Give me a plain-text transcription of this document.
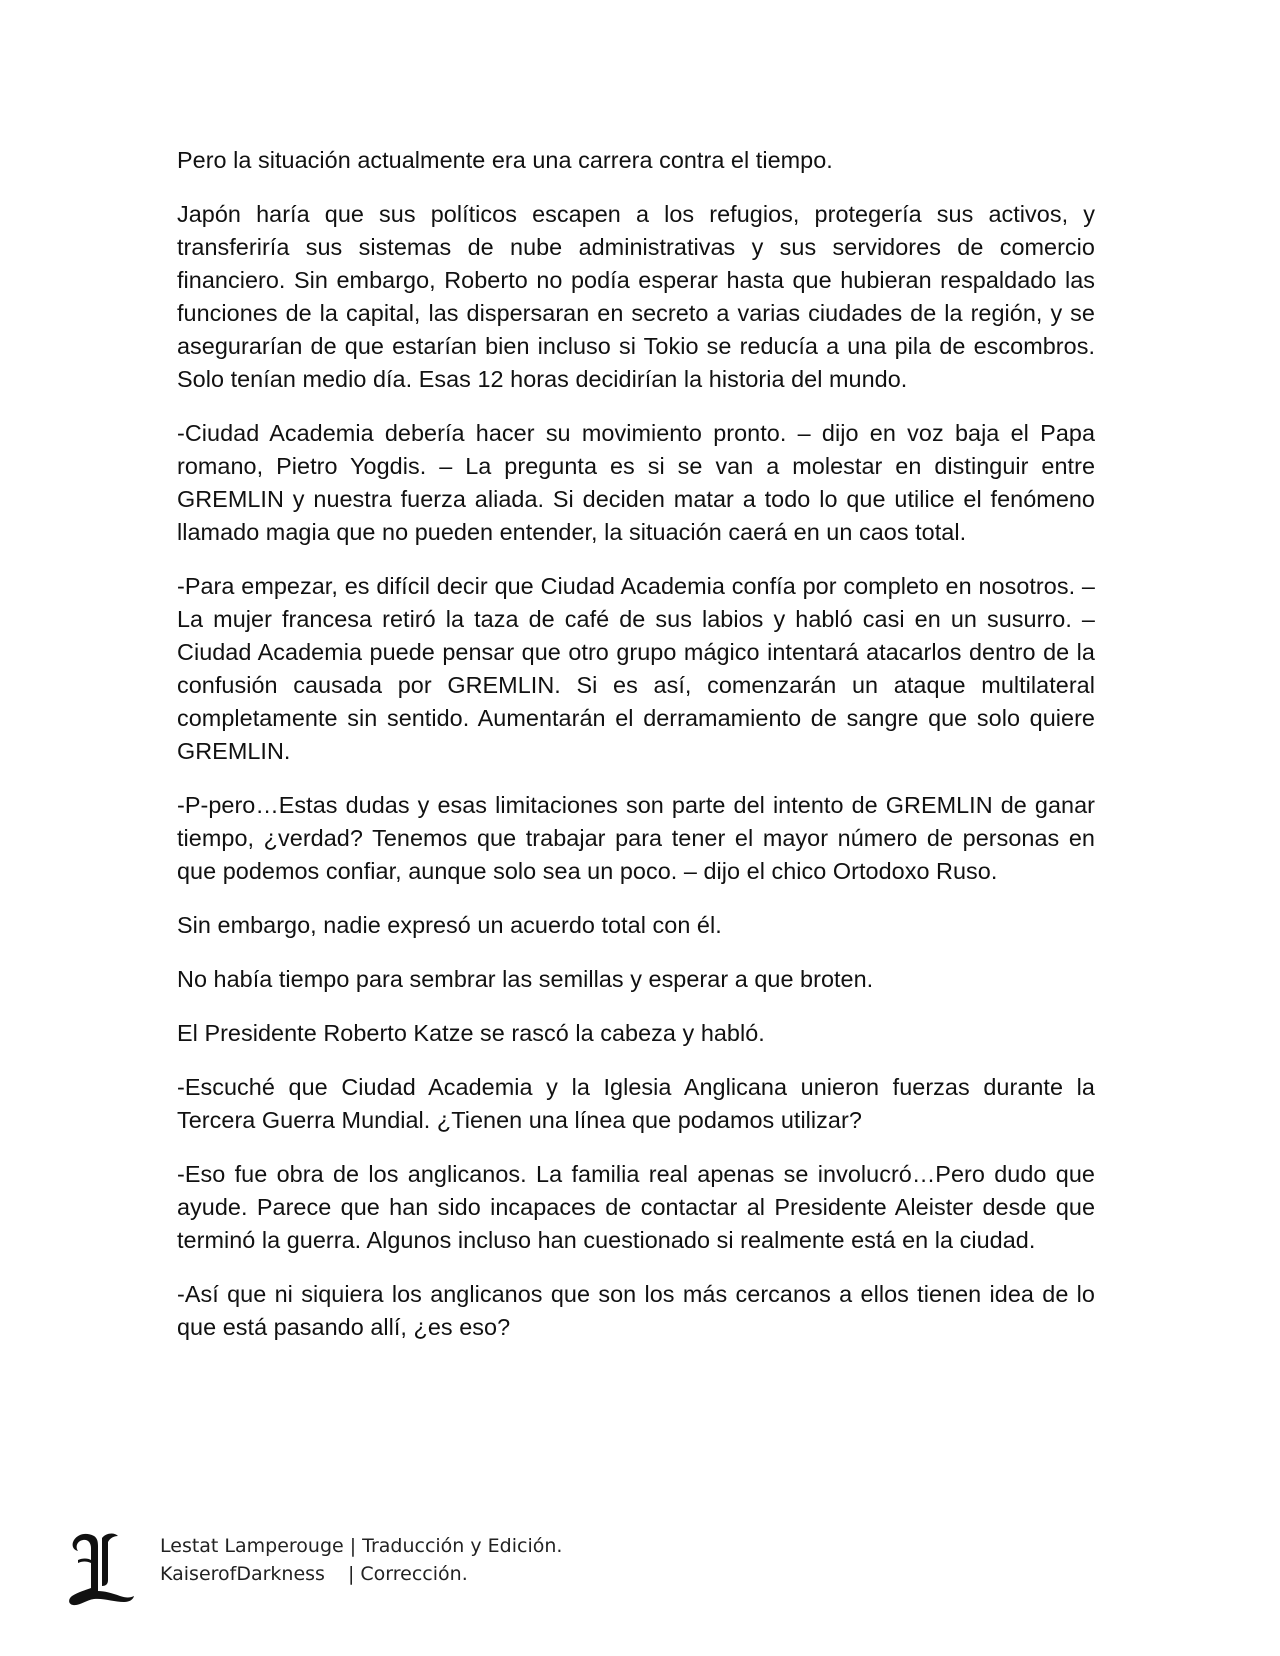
Pero la situación actualmente era una carrera contra el tiempo.

Japón haría que sus políticos escapen a los refugios, protegería sus activos, y transferiría sus sistemas de nube administrativas y sus servidores de comercio financiero. Sin embargo, Roberto no podía esperar hasta que hubieran respaldado las funciones de la capital, las dispersaran en secreto a varias ciudades de la región, y se asegurarían de que estarían bien incluso si Tokio se reducía a una pila de escombros. Solo tenían medio día. Esas 12 horas decidirían la historia del mundo.

-Ciudad Academia debería hacer su movimiento pronto. – dijo en voz baja el Papa romano, Pietro Yogdis. – La pregunta es si se van a molestar en distinguir entre GREMLIN y nuestra fuerza aliada. Si deciden matar a todo lo que utilice el fenómeno llamado magia que no pueden entender, la situación caerá en un caos total.

-Para empezar, es difícil decir que Ciudad Academia confía por completo en nosotros. – La mujer francesa retiró la taza de café de sus labios y habló casi en un susurro. – Ciudad Academia puede pensar que otro grupo mágico intentará atacarlos dentro de la confusión causada por GREMLIN. Si es así, comenzarán un ataque multilateral completamente sin sentido. Aumentarán el derramamiento de sangre que solo quiere GREMLIN.

-P-pero…Estas dudas y esas limitaciones son parte del intento de GREMLIN de ganar tiempo, ¿verdad? Tenemos que trabajar para tener el mayor número de personas en que podemos confiar, aunque solo sea un poco. – dijo el chico Ortodoxo Ruso.

Sin embargo, nadie expresó un acuerdo total con él.

No había tiempo para sembrar las semillas y esperar a que broten.

El Presidente Roberto Katze se rascó la cabeza y habló.

-Escuché que Ciudad Academia y la Iglesia Anglicana unieron fuerzas durante la Tercera Guerra Mundial. ¿Tienen una línea que podamos utilizar?

-Eso fue obra de los anglicanos. La familia real apenas se involucró…Pero dudo que ayude. Parece que han sido incapaces de contactar al Presidente Aleister desde que terminó la guerra. Algunos incluso han cuestionado si realmente está en la ciudad.

-Así que ni siquiera los anglicanos que son los más cercanos a ellos tienen idea de lo que está pasando allí, ¿es eso?

Lestat Lamperouge | Traducción y Edición.
KaiserofDarkness	| Corrección.
